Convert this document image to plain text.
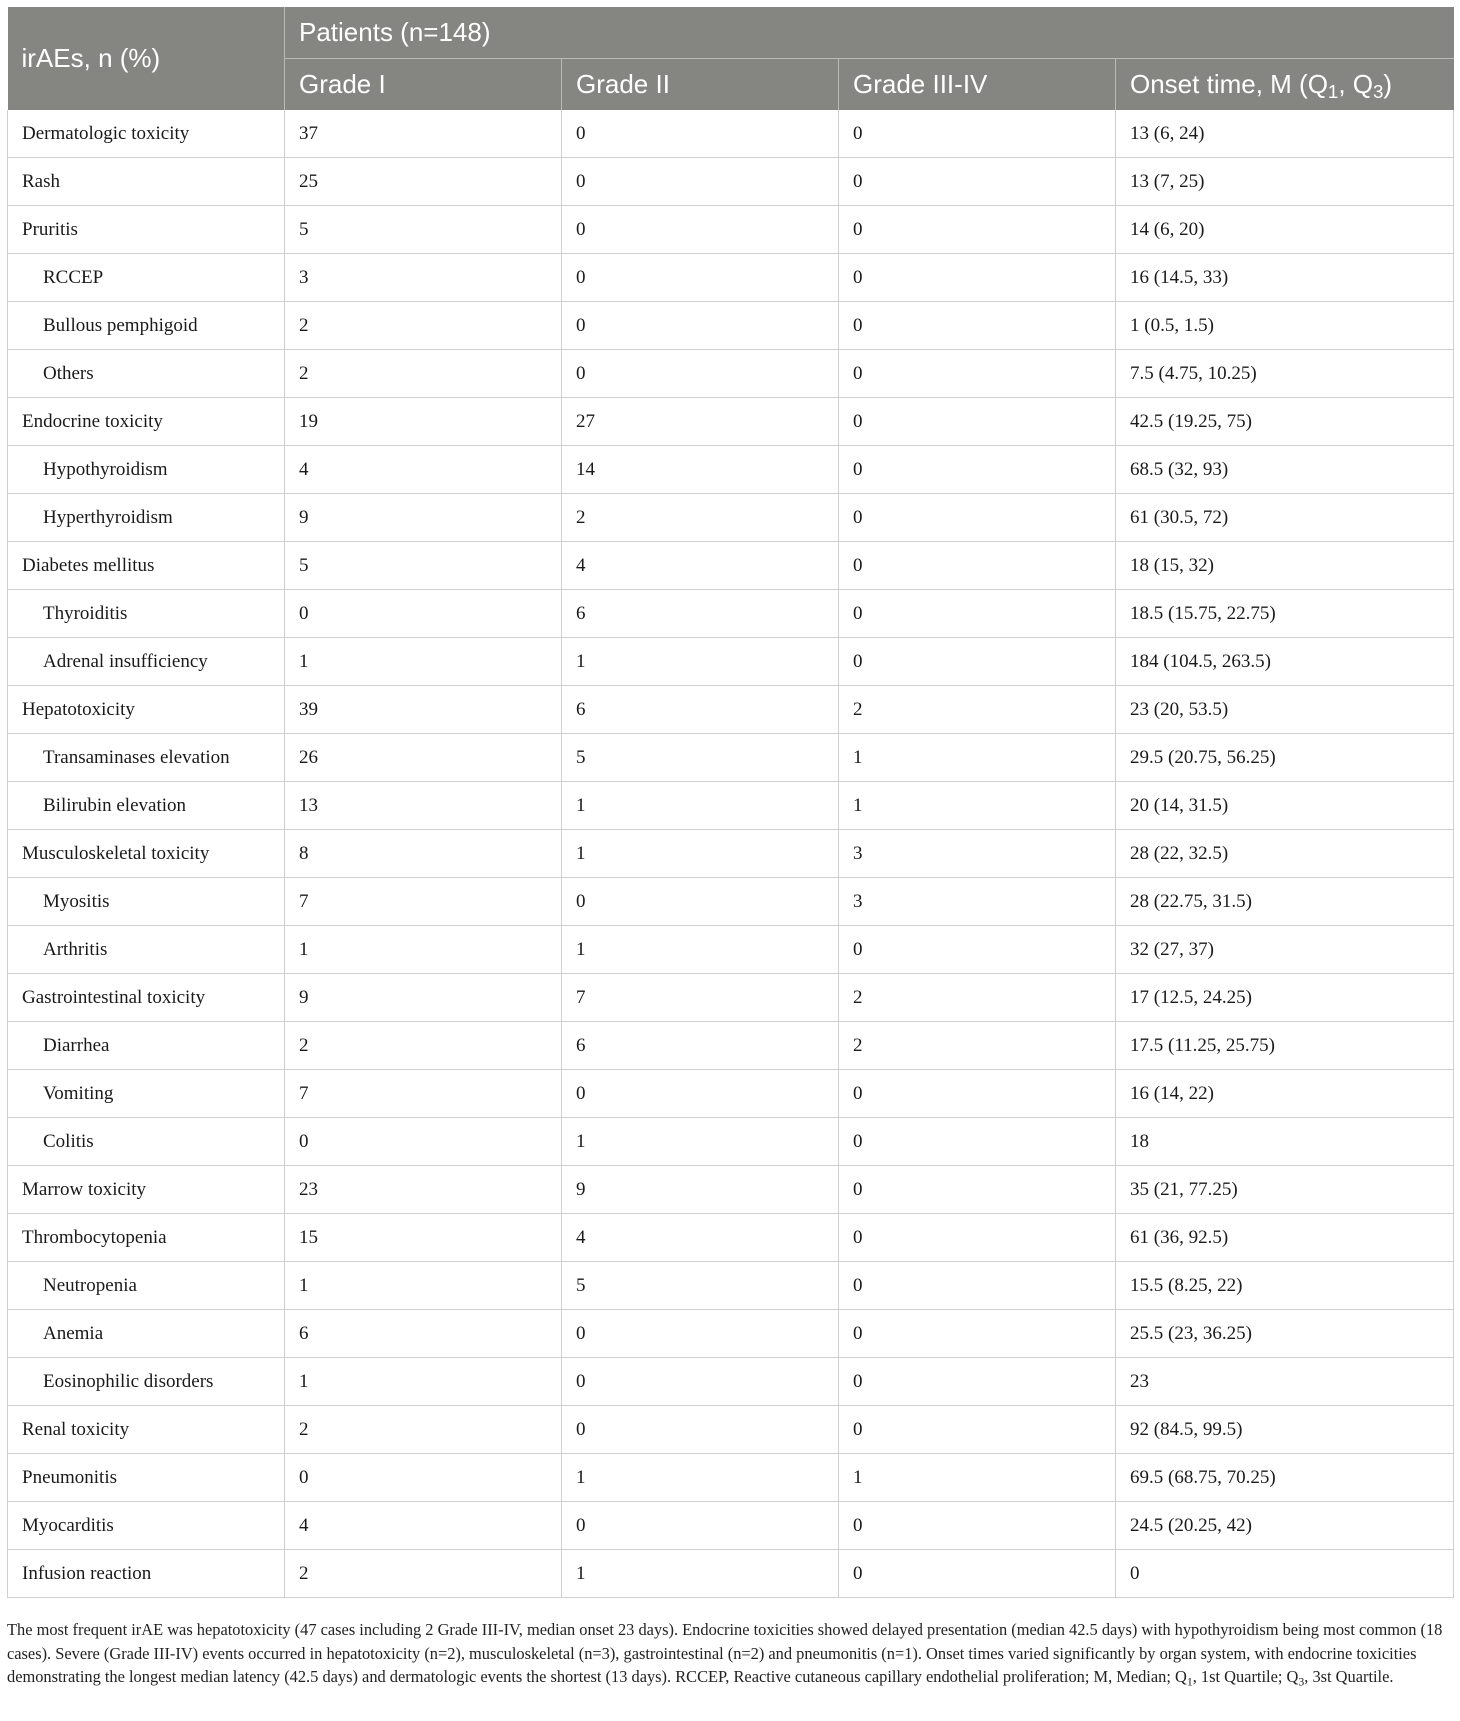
irAEs, n (%)	Patients (n=148)			
	Grade I	Grade II	Grade III-IV	Onset time, M ($Q_1$, $Q_3$)
Dermatologic toxicity	37	0	0	13 (6, 24)
Rash	25	0	0	13 (7, 25)
Pruritis	5	0	0	14 (6, 20)
RCCEP	3	0	0	16 (14.5, 33)
Bullous pemphigoid	2	0	0	1 (0.5, 1.5)
Others	2	0	0	7.5 (4.75, 10.25)
Endocrine toxicity	19	27	0	42.5 (19.25, 75)
Hypothyroidism	4	14	0	68.5 (32, 93)
Hyperthyroidism	9	2	0	61 (30.5, 72)
Diabetes mellitus	5	4	0	18 (15, 32)
Thyroiditis	0	6	0	18.5 (15.75, 22.75)
Adrenal insufficiency	1	1	0	184 (104.5, 263.5)
Hepatotoxicity	39	6	2	23 (20, 53.5)
Transaminases elevation	26	5	1	29.5 (20.75, 56.25)
Bilirubin elevation	13	1	1	20 (14, 31.5)
Musculoskeletal toxicity	8	1	3	28 (22, 32.5)
Myositis	7	0	3	28 (22.75, 31.5)
Arthritis	1	1	0	32 (27, 37)
Gastrointestinal toxicity	9	7	2	17 (12.5, 24.25)
Diarrhea	2	6	2	17.5 (11.25, 25.75)
Vomiting	7	0	0	16 (14, 22)
Colitis	0	1	0	18
Marrow toxicity	23	9	0	35 (21, 77.25)
Thrombocytopenia	15	4	0	61 (36, 92.5)
Neutropenia	1	5	0	15.5 (8.25, 22)
Anemia	6	0	0	25.5 (23, 36.25)
Eosinophilic disorders	1	0	0	23
Renal toxicity	2	0	0	92 (84.5, 99.5)
Pneumonitis	0	1	1	69.5 (68.75, 70.25)
Myocarditis	4	0	0	24.5 (20.25, 42)
Infusion reaction	2	1	0	0
The most frequent irAE was hepatotoxicity (47 cases including 2 Grade III-IV, median onset 23 days). Endocrine toxicities showed delayed presentation (median 42.5 days) with hypothyroidism being most common (18 cases). Severe (Grade III-IV) events occurred in hepatotoxicity (n=2), musculoskeletal (n=3), gastrointestinal (n=2) and pneumonitis (n=1). Onset times varied significantly by organ system, with endocrine toxicities demonstrating the longest median latency (42.5 days) and dermatologic events the shortest (13 days). RCCEP, Reactive cutaneous capillary endothelial proliferation; M, Median; $Q_1$, 1st Quartile; $Q_3$, 3st Quartile.
